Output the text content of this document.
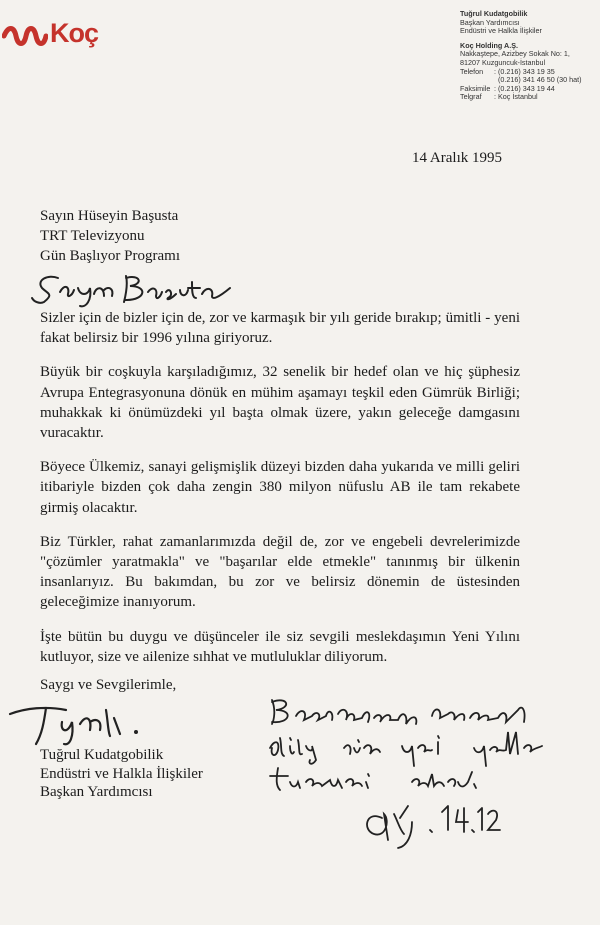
Koç
Tuğrul Kudatgobilik
Başkan Yardımcısı
Endüstri ve Halkla İlişkiler
Koç Holding A.Ş.
Nakkaştepe, Azizbey Sokak No: 1,
81207 Kuzguncuk-İstanbul
Telefon	: (0.216) 343 19 35
(0.216) 341 46 50 (30 hat)
Faksimile : (0.216) 343 19 44
Telgraf	: Koç İstanbul
14 Aralık 1995
Sayın Hüseyin Başusta
TRT Televizyonu
Gün Başlıyor Programı

Sizler için de bizler için de, zor ve karmaşık bir yılı geride bırakıp; ümitli - yeni fakat belirsiz bir 1996 yılına giriyoruz.

Büyük bir coşkuyla karşıladığımız, 32 senelik bir hedef olan ve hiç şüphesiz Avrupa Entegrasyonuna dönük en mühim aşamayı teşkil eden Gümrük Birliği; muhakkak ki önümüzdeki yıl başta olmak üzere, yakın geleceğe damgasını vuracaktır.

Böyece Ülkemiz, sanayi gelişmişlik düzeyi bizden daha yukarıda ve milli geliri itibariyle bizden çok daha zengin 380 milyon nüfuslu AB ile tam rekabete girmiş olacaktır.

Biz Türkler, rahat zamanlarımızda değil de, zor ve engebeli devrelerimizde "çözümler yaratmakla" ve "başarılar elde etmekle" tanınmış bir ülkenin insanlarıyız. Bu bakımdan, bu zor ve belirsiz dönemin de üstesinden geleceğimize inanıyorum.

İşte bütün bu duygu ve düşünceler ile siz sevgili meslekdaşımın Yeni Yılını kutluyor, size ve ailenize sıhhat ve mutluluklar diliyorum.

Saygı ve Sevgilerimle,
Tuğrul Kudatgobilik
Endüstri ve Halkla İlişkiler
Başkan Yardımcısı
